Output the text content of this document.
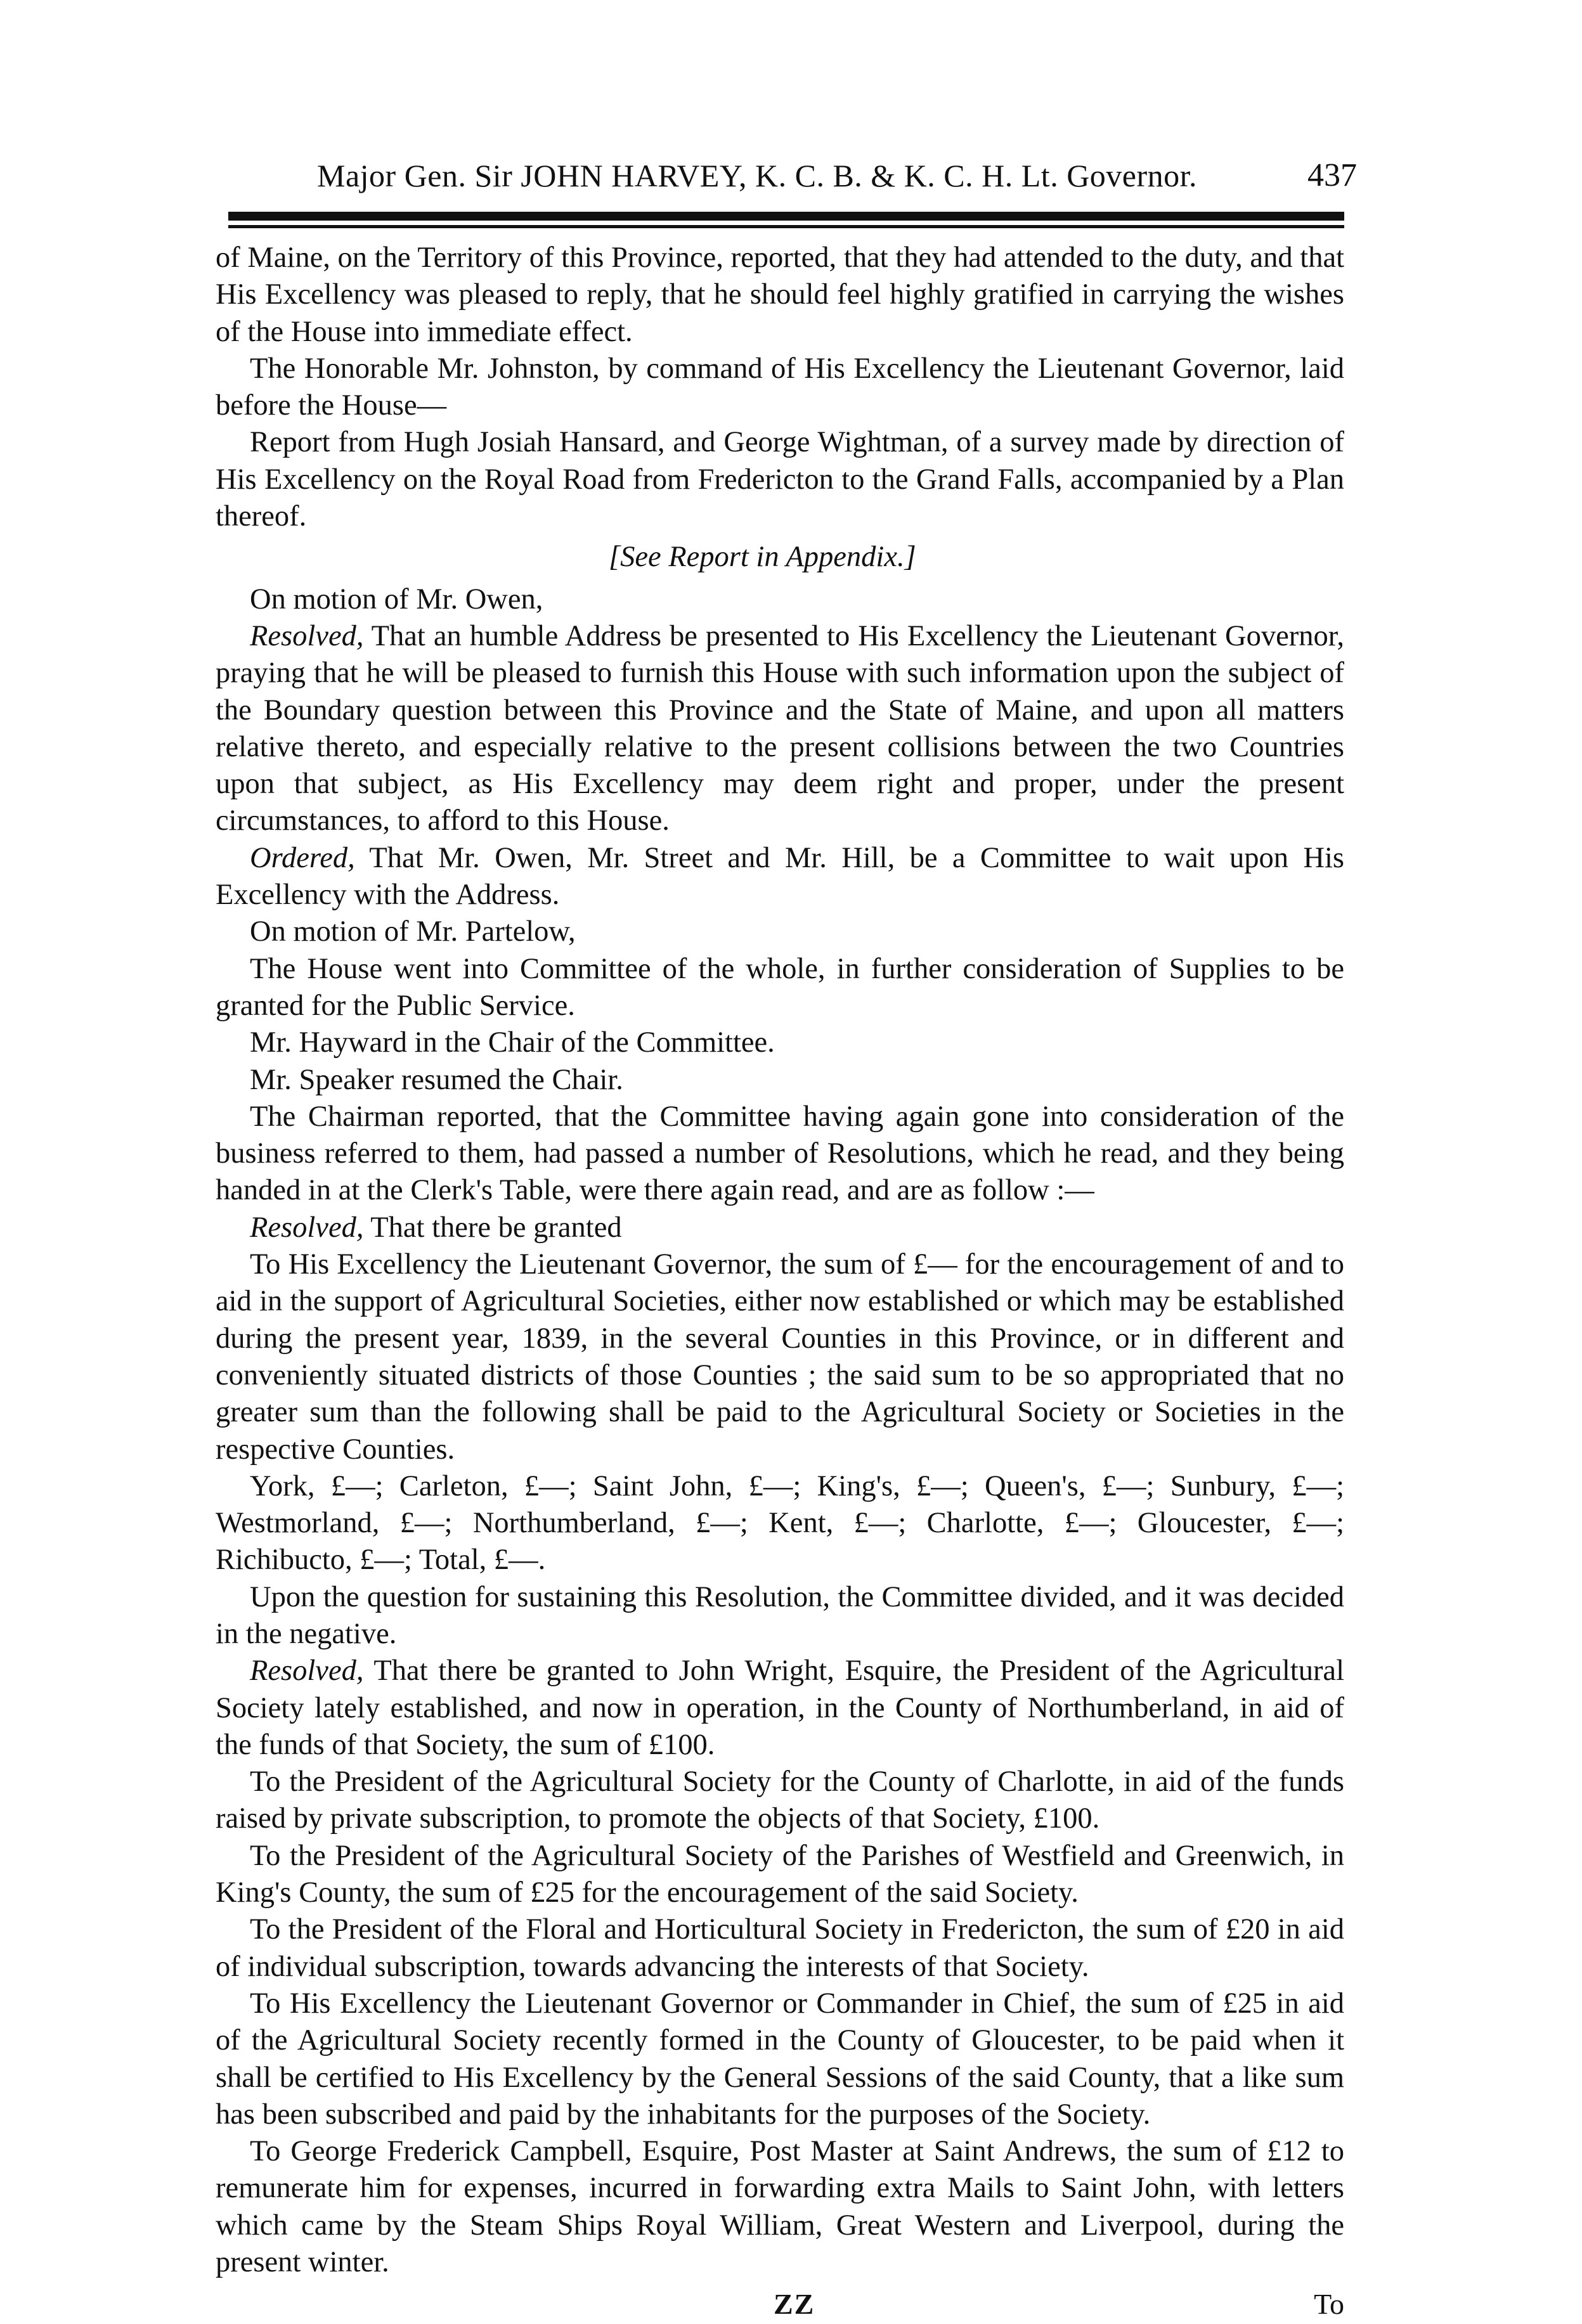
Major Gen. Sir JOHN HARVEY, K. C. B. & K. C. H. Lt. Governor.	437

of Maine, on the Territory of this Province, reported, that they had attended to the duty, and that His Excellency was pleased to reply, that he should feel highly gratified in carrying the wishes of the House into immediate effect.

The Honorable Mr. Johnston, by command of His Excellency the Lieutenant Governor, laid before the House—

Report from Hugh Josiah Hansard, and George Wightman, of a survey made by direction of His Excellency on the Royal Road from Fredericton to the Grand Falls, accompanied by a Plan thereof.

[See Report in Appendix.]

On motion of Mr. Owen,

Resolved, That an humble Address be presented to His Excellency the Lieutenant Governor, praying that he will be pleased to furnish this House with such information upon the subject of the Boundary question between this Province and the State of Maine, and upon all matters relative thereto, and especially relative to the present collisions between the two Countries upon that subject, as His Excellency may deem right and proper, under the present circumstances, to afford to this House.

Ordered, That Mr. Owen, Mr. Street and Mr. Hill, be a Committee to wait upon His Excellency with the Address.

On motion of Mr. Partelow,

The House went into Committee of the whole, in further consideration of Supplies to be granted for the Public Service.

Mr. Hayward in the Chair of the Committee.

Mr. Speaker resumed the Chair.

The Chairman reported, that the Committee having again gone into consideration of the business referred to them, had passed a number of Resolutions, which he read, and they being handed in at the Clerk's Table, were there again read, and are as follow :—

Resolved, That there be granted

To His Excellency the Lieutenant Governor, the sum of £— for the encouragement of and to aid in the support of Agricultural Societies, either now established or which may be established during the present year, 1839, in the several Counties in this Province, or in different and conveniently situated districts of those Counties ; the said sum to be so appropriated that no greater sum than the following shall be paid to the Agricultural Society or Societies in the respective Counties.

York, £—; Carleton, £—; Saint John, £—; King's, £—; Queen's, £—; Sunbury, £—; Westmorland, £—; Northumberland, £—; Kent, £—; Charlotte, £—; Gloucester, £—; Richibucto, £—; Total, £—.

Upon the question for sustaining this Resolution, the Committee divided, and it was decided in the negative.

Resolved, That there be granted to John Wright, Esquire, the President of the Agricultural Society lately established, and now in operation, in the County of Northumberland, in aid of the funds of that Society, the sum of £100.

To the President of the Agricultural Society for the County of Charlotte, in aid of the funds raised by private subscription, to promote the objects of that Society, £100.

To the President of the Agricultural Society of the Parishes of Westfield and Greenwich, in King's County, the sum of £25 for the encouragement of the said Society.

To the President of the Floral and Horticultural Society in Fredericton, the sum of £20 in aid of individual subscription, towards advancing the interests of that Society.

To His Excellency the Lieutenant Governor or Commander in Chief, the sum of £25 in aid of the Agricultural Society recently formed in the County of Gloucester, to be paid when it shall be certified to His Excellency by the General Sessions of the said County, that a like sum has been subscribed and paid by the inhabitants for the purposes of the Society.

To George Frederick Campbell, Esquire, Post Master at Saint Andrews, the sum of £12 to remunerate him for expenses, incurred in forwarding extra Mails to Saint John, with letters which came by the Steam Ships Royal William, Great Western and Liverpool, during the present winter.

ZZ	To
